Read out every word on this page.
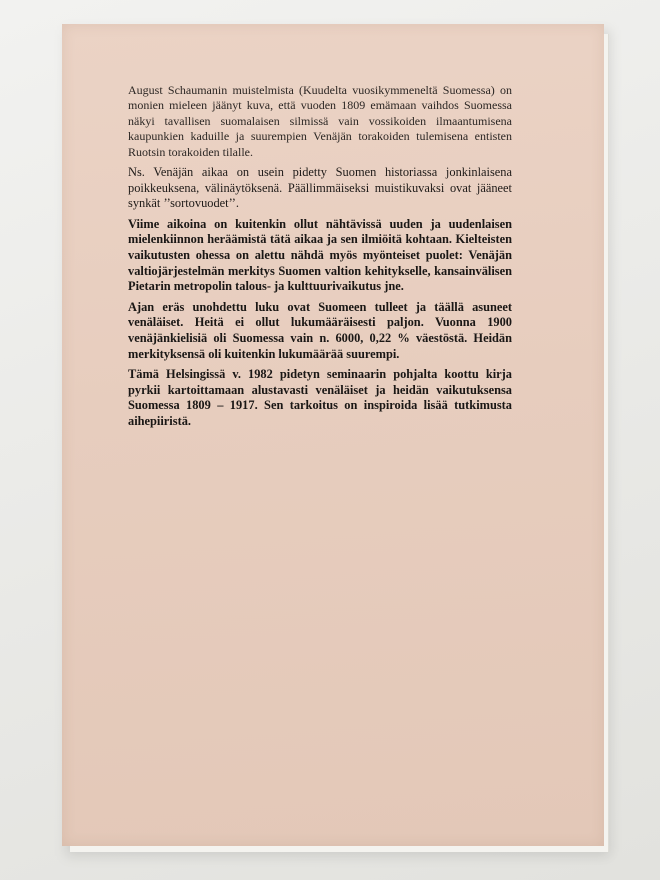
August Schaumanin muistelmista (Kuudelta vuosikymmeneltä Suomessa) on monien mieleen jäänyt kuva, että vuoden 1809 emämaan vaihdos Suomessa näkyi tavallisen suomalaisen silmissä vain vossikoiden ilmaantumisena kaupunkien kaduille ja suurempien Venäjän torakoiden tulemisena entisten Ruotsin torakoiden tilalle.

Ns. Venäjän aikaa on usein pidetty Suomen historiassa jonkinlaisena poikkeuksena, välinäytöksenä. Päällimmäiseksi muistikuvaksi ovat jääneet synkät ’’sortovuodet’’.

Viime aikoina on kuitenkin ollut nähtävissä uuden ja uudenlaisen mielenkiinnon heräämistä tätä aikaa ja sen ilmiöitä kohtaan. Kielteisten vaikutusten ohessa on alettu nähdä myös myönteiset puolet: Venäjän valtiojärjestelmän merkitys Suomen valtion kehitykselle, kansainvälisen Pietarin metropolin talous- ja kulttuurivaikutus jne.

Ajan eräs unohdettu luku ovat Suomeen tulleet ja täällä asuneet venäläiset. Heitä ei ollut lukumääräisesti paljon. Vuonna 1900 venäjänkielisiä oli Suomessa vain n. 6000, 0,22 % väestöstä. Heidän merkityksensä oli kuitenkin lukumäärää suurempi.

Tämä Helsingissä v. 1982 pidetyn seminaarin pohjalta koottu kirja pyrkii kartoittamaan alustavasti venäläiset ja heidän vaikutuksensa Suomessa 1809 – 1917. Sen tarkoitus on inspiroida lisää tutkimusta aihepiiristä.
